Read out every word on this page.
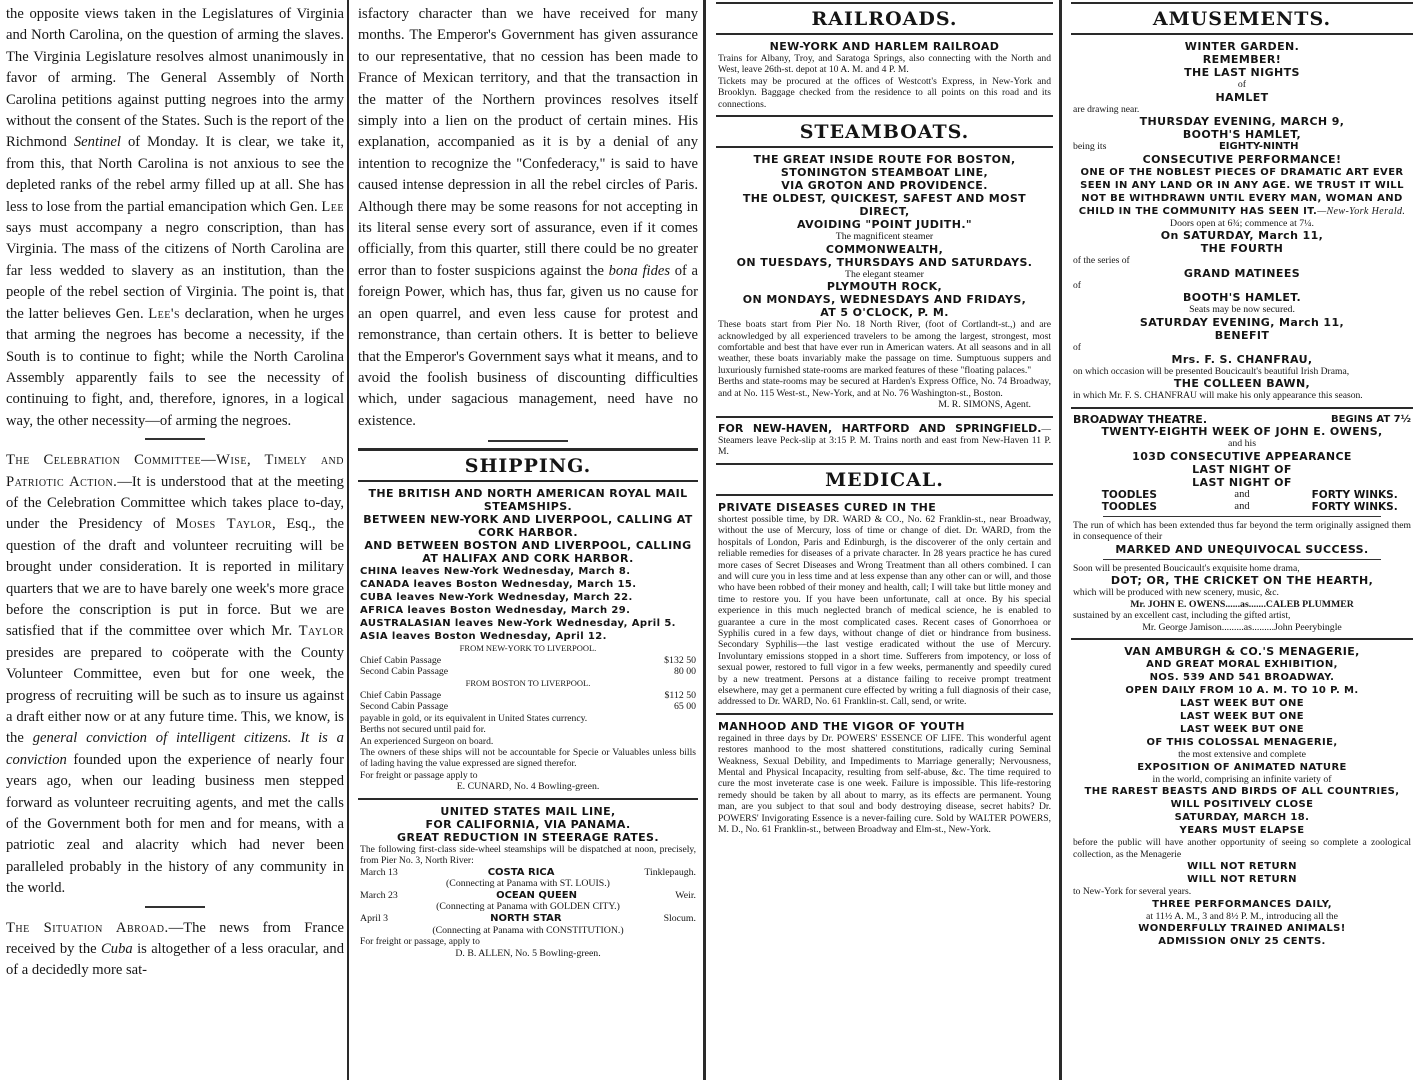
the opposite views taken in the Legislatures of Virginia and North Carolina, on the question of arming the slaves. The Virginia Legislature resolves almost unanimously in favor of arming. The General Assembly of North Carolina petitions against putting negroes into the army without the consent of the States. Such is the report of the Richmond Sentinel of Monday. It is clear, we take it, from this, that North Carolina is not anxious to see the depleted ranks of the rebel army filled up at all. She has less to lose from the partial emancipation which Gen. Lee says must accompany a negro conscription, than has Virginia. The mass of the citizens of North Carolina are far less wedded to slavery as an institution, than the people of the rebel section of Virginia. The point is, that the latter believes Gen. Lee's declaration, when he urges that arming the negroes has become a necessity, if the South is to continue to fight; while the North Carolina Assembly apparently fails to see the necessity of continuing to fight, and, therefore, ignores, in a logical way, the other necessity—of arming the negroes.

The Celebration Committee—Wise, Timely and Patriotic Action.—It is understood that at the meeting of the Celebration Committee which takes place to-day, under the Presidency of Moses Taylor, Esq., the question of the draft and volunteer recruiting will be brought under consideration. It is reported in military quarters that we are to have barely one week's more grace before the conscription is put in force. But we are satisfied that if the committee over which Mr. Taylor presides are prepared to coöperate with the County Volunteer Committee, even but for one week, the progress of recruiting will be such as to insure us against a draft either now or at any future time. This, we know, is the general conviction of intelligent citizens. It is a conviction founded upon the experience of nearly four years ago, when our leading business men stepped forward as volunteer recruiting agents, and met the calls of the Government both for men and for means, with a patriotic zeal and alacrity which had never been paralleled probably in the history of any community in the world.

The Situation Abroad.—The news from France received by the Cuba is altogether of a less oracular, and of a decidedly more sat-

isfactory character than we have received for many months. The Emperor's Government has given assurance to our representative, that no cession has been made to France of Mexican territory, and that the transaction in the matter of the Northern provinces resolves itself simply into a lien on the product of certain mines. His explanation, accompanied as it is by a denial of any intention to recognize the "Confederacy," is said to have caused intense depression in all the rebel circles of Paris. Although there may be some reasons for not accepting in its literal sense every sort of assurance, even if it comes officially, from this quarter, still there could be no greater error than to foster suspicions against the bona fides of a foreign Power, which has, thus far, given us no cause for an open quarrel, and even less cause for protest and remonstrance, than certain others. It is better to believe that the Emperor's Government says what it means, and to avoid the foolish business of discounting difficulties which, under sagacious management, need have no existence.

SHIPPING.
THE BRITISH AND NORTH AMERICAN ROYAL MAIL STEAMSHIPS.
BETWEEN NEW-YORK AND LIVERPOOL, CALLING AT CORK HARBOR.
AND BETWEEN BOSTON AND LIVERPOOL, CALLING AT HALIFAX AND CORK HARBOR.
CHINA leaves New-York Wednesday, March 8.
CANADA leaves Boston Wednesday, March 15.
CUBA leaves New-York Wednesday, March 22.
AFRICA leaves Boston Wednesday, March 29.
AUSTRALASIAN leaves New-York Wednesday, April 5.
ASIA leaves Boston Wednesday, April 12.
FROM NEW-YORK TO LIVERPOOL.
Chief Cabin Passage	$132 50
Second Cabin Passage	80 00
FROM BOSTON TO LIVERPOOL.
Chief Cabin Passage	$112 50
Second Cabin Passage	65 00
payable in gold, or its equivalent in United States currency.
Berths not secured until paid for.
An experienced Surgeon on board.
The owners of these ships will not be accountable for Specie or Valuables unless bills of lading having the value expressed are signed therefor.
For freight or passage apply to
E. CUNARD, No. 4 Bowling-green.
UNITED STATES MAIL LINE,
FOR CALIFORNIA, VIA PANAMA.
GREAT REDUCTION IN STEERAGE RATES.
The following first-class side-wheel steamships will be dispatched at noon, precisely, from Pier No. 3, North River:
March 13	COSTA RICA	Tinklepaugh.
(Connecting at Panama with ST. LOUIS.)
March 23	OCEAN QUEEN	Weir.
(Connecting at Panama with GOLDEN CITY.)
April 3	NORTH STAR	Slocum.
(Connecting at Panama with CONSTITUTION.)
For freight or passage, apply to
D. B. ALLEN, No. 5 Bowling-green.
RAILROADS.
NEW-YORK AND HARLEM RAILROAD
Trains for Albany, Troy, and Saratoga Springs, also connecting with the North and West, leave 26th-st. depot at 10 A. M. and 4 P. M.
Tickets may be procured at the offices of Westcott's Express, in New-York and Brooklyn. Baggage checked from the residence to all points on this road and its connections.
STEAMBOATS.
THE GREAT INSIDE ROUTE FOR BOSTON,
STONINGTON STEAMBOAT LINE,
VIA GROTON AND PROVIDENCE.
THE OLDEST, QUICKEST, SAFEST AND MOST DIRECT,
AVOIDING "POINT JUDITH."
The magnificent steamer
COMMONWEALTH,
ON TUESDAYS, THURSDAYS AND SATURDAYS.
The elegant steamer
PLYMOUTH ROCK,
ON MONDAYS, WEDNESDAYS AND FRIDAYS,
AT 5 O'CLOCK, P. M.
These boats start from Pier No. 18 North River, (foot of Cortlandt-st.,) and are acknowledged by all experienced travelers to be among the largest, strongest, most comfortable and best that have ever run in American waters. At all seasons and in all weather, these boats invariably make the passage on time. Sumptuous suppers and luxuriously furnished state-rooms are marked features of these "floating palaces."
Berths and state-rooms may be secured at Harden's Express Office, No. 74 Broadway, and at No. 115 West-st., New-York, and at No. 76 Washington-st., Boston.
M. R. SIMONS, Agent.
FOR NEW-HAVEN, HARTFORD AND SPRINGFIELD.—Steamers leave Peck-slip at 3:15 P. M. Trains north and east from New-Haven 11 P. M.
MEDICAL.
PRIVATE DISEASES CURED IN THE
shortest possible time, by DR. WARD & CO., No. 62 Franklin-st., near Broadway, without the use of Mercury, loss of time or change of diet. Dr. WARD, from the hospitals of London, Paris and Edinburgh, is the discoverer of the only certain and reliable remedies for diseases of a private character. In 28 years practice he has cured more cases of Secret Diseases and Wrong Treatment than all others combined. I can and will cure you in less time and at less expense than any other can or will, and those who have been robbed of their money and health, call; I will take but little money and time to restore you. If you have been unfortunate, call at once. By his special experience in this much neglected branch of medical science, he is enabled to guarantee a cure in the most complicated cases. Recent cases of Gonorrhoea or Syphilis cured in a few days, without change of diet or hindrance from business. Secondary Syphilis—the last vestige eradicated without the use of Mercury. Involuntary emissions stopped in a short time. Sufferers from impotency, or loss of sexual power, restored to full vigor in a few weeks, permanently and speedily cured by a new treatment. Persons at a distance failing to receive prompt treatment elsewhere, may get a permanent cure effected by writing a full diagnosis of their case, addressed to Dr. WARD, No. 61 Franklin-st. Call, send, or write.
MANHOOD AND THE VIGOR OF YOUTH
regained in three days by Dr. POWERS' ESSENCE OF LIFE. This wonderful agent restores manhood to the most shattered constitutions, radically curing Seminal Weakness, Sexual Debility, and Impediments to Marriage generally; Nervousness, Mental and Physical Incapacity, resulting from self-abuse, &c. The time required to cure the most inveterate case is one week. Failure is impossible. This life-restoring remedy should be taken by all about to marry, as its effects are permanent. Young man, are you subject to that soul and body destroying disease, secret habits? Dr. POWERS' Invigorating Essence is a never-failing cure. Sold by WALTER POWERS, M. D., No. 61 Franklin-st., between Broadway and Elm-st., New-York.
AMUSEMENTS.
WINTER GARDEN.
REMEMBER!
THE LAST NIGHTS
of
HAMLET
are drawing near.
THURSDAY EVENING, MARCH 9,
BOOTH'S HAMLET,
being its	EIGHTY-NINTH
CONSECUTIVE PERFORMANCE!
ONE OF THE NOBLEST PIECES OF DRAMATIC ART EVER SEEN IN ANY LAND OR IN ANY AGE. WE TRUST IT WILL NOT BE WITHDRAWN UNTIL EVERY MAN, WOMAN AND CHILD IN THE COMMUNITY HAS SEEN IT.—New-York Herald.
Doors open at 6¾; commence at 7¼.
On SATURDAY, March 11,
THE FOURTH
of the series of
GRAND MATINEES
of
BOOTH'S HAMLET.
Seats may be now secured.
SATURDAY EVENING, March 11,
BENEFIT
of
Mrs. F. S. CHANFRAU,
on which occasion will be presented Boucicault's beautiful Irish Drama,
THE COLLEEN BAWN,
in which Mr. F. S. CHANFRAU will make his only appearance this season.
BROADWAY THEATRE.	BEGINS AT 7½
TWENTY-EIGHTH WEEK OF JOHN E. OWENS,
and his
103D CONSECUTIVE APPEARANCE
LAST NIGHT OF
LAST NIGHT OF
TOODLES	and	FORTY WINKS.
TOODLES	and	FORTY WINKS.
The run of which has been extended thus far beyond the term originally assigned them in consequence of their
MARKED AND UNEQUIVOCAL SUCCESS.
Soon will be presented Boucicault's exquisite home drama,
DOT; OR, THE CRICKET ON THE HEARTH,
which will be produced with new scenery, music, &c.
Mr. JOHN E. OWENS......as.......CALEB PLUMMER
sustained by an excellent cast, including the gifted artist,
Mr. George Jamison.........as.........John Peerybingle
VAN AMBURGH & CO.'S MENAGERIE,
AND GREAT MORAL EXHIBITION,
NOS. 539 AND 541 BROADWAY.
OPEN DAILY FROM 10 A. M. TO 10 P. M.
LAST WEEK BUT ONE
LAST WEEK BUT ONE
LAST WEEK BUT ONE
OF THIS COLOSSAL MENAGERIE,
the most extensive and complete
EXPOSITION OF ANIMATED NATURE
in the world, comprising an infinite variety of
THE RAREST BEASTS AND BIRDS OF ALL COUNTRIES,
WILL POSITIVELY CLOSE
SATURDAY, MARCH 18.
YEARS MUST ELAPSE
before the public will have another opportunity of seeing so complete a zoological collection, as the Menagerie
WILL NOT RETURN
WILL NOT RETURN
to New-York for several years.
THREE PERFORMANCES DAILY,
at 11½ A. M., 3 and 8½ P. M., introducing all the
WONDERFULLY TRAINED ANIMALS!
ADMISSION ONLY 25 CENTS.
